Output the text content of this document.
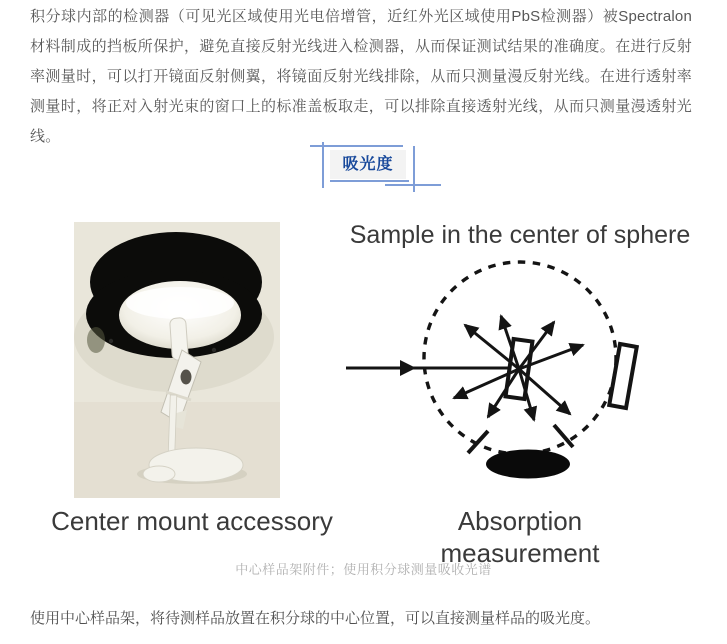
积分球内部的检测器（可见光区域使用光电倍增管，近红外光区域使用PbS检测器）被Spectralon材料制成的挡板所保护，避免直接反射光线进入检测器，从而保证测试结果的准确度。在进行反射率测量时，可以打开镜面反射侧翼，将镜面反射光线排除，从而只测量漫反射光线。在进行透射率测量时，将正对入射光束的窗口上的标准盖板取走，可以排除直接透射光线，从而只测量漫透射光线。

吸光度

Sample in the center of sphere

Center mount accessory	Absorption measurement

中心样品架附件；使用积分球测量吸收光谱

使用中心样品架，将待测样品放置在积分球的中心位置，可以直接测量样品的吸光度。
